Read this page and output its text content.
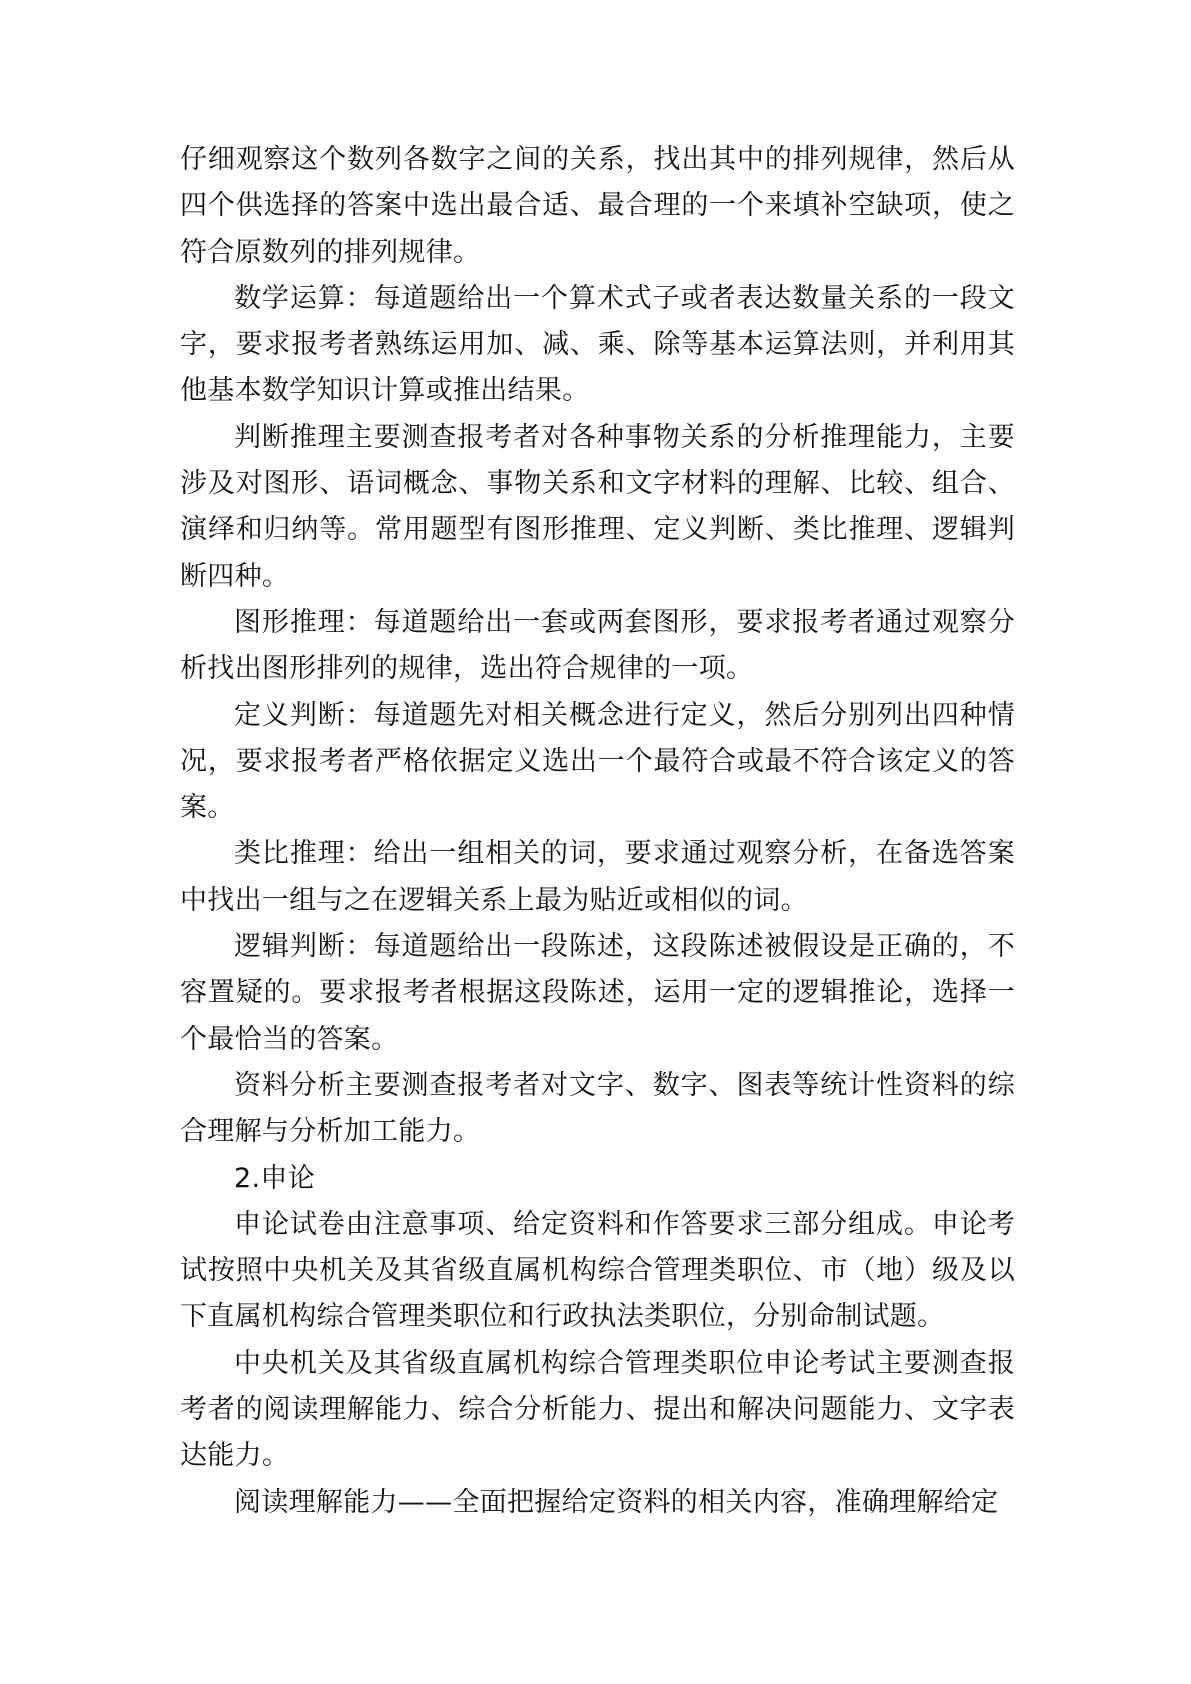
仔细观察这个数列各数字之间的关系，找出其中的排列规律，然后从四个供选择的答案中选出最合适、最合理的一个来填补空缺项，使之符合原数列的排列规律。

数学运算：每道题给出一个算术式子或者表达数量关系的一段文字，要求报考者熟练运用加、减、乘、除等基本运算法则，并利用其他基本数学知识计算或推出结果。

判断推理主要测查报考者对各种事物关系的分析推理能力，主要涉及对图形、语词概念、事物关系和文字材料的理解、比较、组合、演绎和归纳等。常用题型有图形推理、定义判断、类比推理、逻辑判断四种。

图形推理：每道题给出一套或两套图形，要求报考者通过观察分析找出图形排列的规律，选出符合规律的一项。

定义判断：每道题先对相关概念进行定义，然后分别列出四种情况，要求报考者严格依据定义选出一个最符合或最不符合该定义的答案。

类比推理：给出一组相关的词，要求通过观察分析，在备选答案中找出一组与之在逻辑关系上最为贴近或相似的词。

逻辑判断：每道题给出一段陈述，这段陈述被假设是正确的，不容置疑的。要求报考者根据这段陈述，运用一定的逻辑推论，选择一个最恰当的答案。

资料分析主要测查报考者对文字、数字、图表等统计性资料的综合理解与分析加工能力。

2.申论

申论试卷由注意事项、给定资料和作答要求三部分组成。申论考试按照中央机关及其省级直属机构综合管理类职位、市（地）级及以下直属机构综合管理类职位和行政执法类职位，分别命制试题。

中央机关及其省级直属机构综合管理类职位申论考试主要测查报考者的阅读理解能力、综合分析能力、提出和解决问题能力、文字表达能力。

阅读理解能力——全面把握给定资料的相关内容，准确理解给定
